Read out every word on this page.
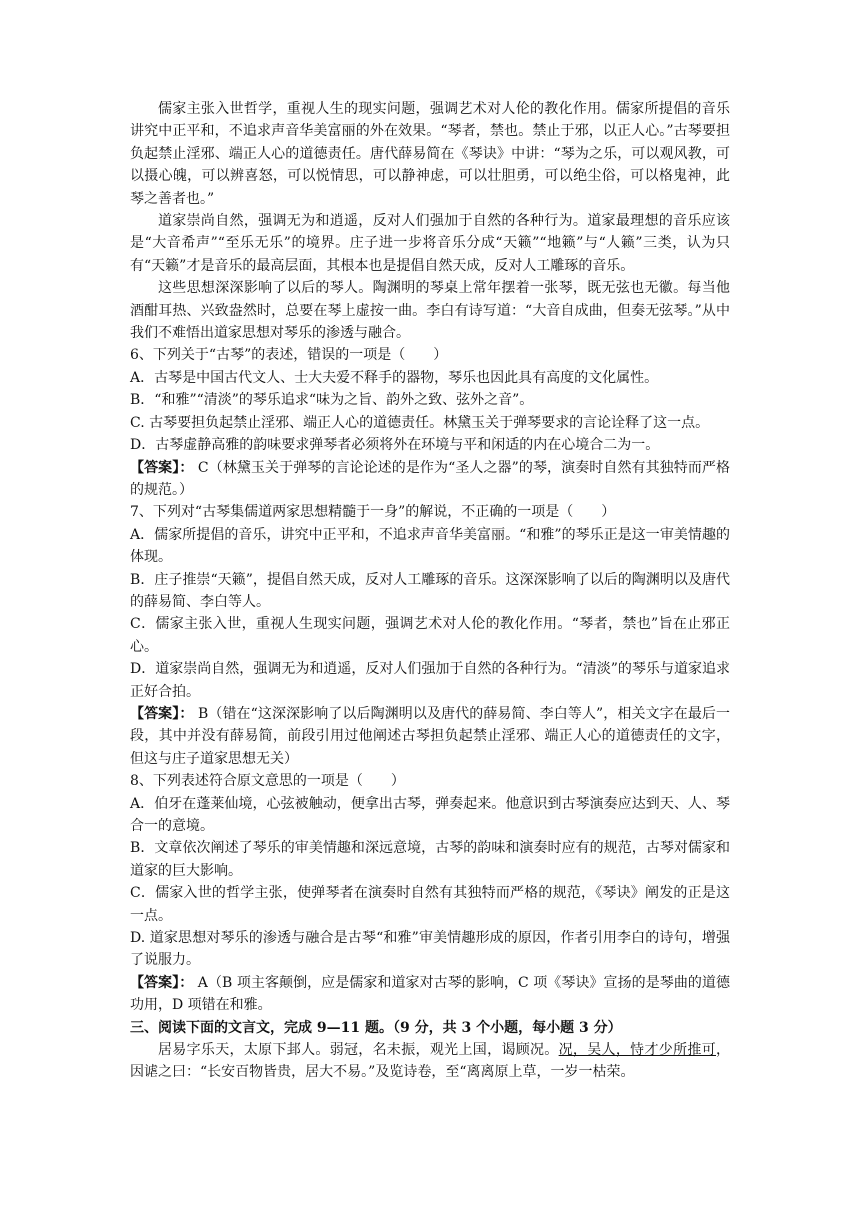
儒家主张入世哲学，重视人生的现实问题，强调艺术对人伦的教化作用。儒家所提倡的音乐讲究中正平和，不追求声音华美富丽的外在效果。“琴者，禁也。禁止于邪，以正人心。”古琴要担负起禁止淫邪、端正人心的道德责任。唐代薛易简在《琴诀》中讲：“琴为之乐，可以观风教，可以摄心魄，可以辨喜怒，可以悦情思，可以静神虑，可以壮胆勇，可以绝尘俗，可以格鬼神，此琴之善者也。”

道家崇尚自然，强调无为和逍遥，反对人们强加于自然的各种行为。道家最理想的音乐应该是“大音希声”“至乐无乐”的境界。庄子进一步将音乐分成“天籁”“地籁”与“人籁”三类，认为只有“天籁”才是音乐的最高层面，其根本也是提倡自然天成，反对人工雕琢的音乐。

这些思想深深影响了以后的琴人。陶渊明的琴桌上常年摆着一张琴，既无弦也无徽。每当他酒酣耳热、兴致盎然时，总要在琴上虚按一曲。李白有诗写道：“大音自成曲，但奏无弦琴。”从中我们不难悟出道家思想对琴乐的渗透与融合。

6、下列关于“古琴”的表述，错误的一项是（　　）

A．古琴是中国古代文人、士大夫爱不释手的器物，琴乐也因此具有高度的文化属性。

B．“和雅”“清淡”的琴乐追求“味为之旨、韵外之致、弦外之音”。

C. 古琴要担负起禁止淫邪、端正人心的道德责任。林黛玉关于弹琴要求的言论诠释了这一点。

D．古琴虚静高雅的韵味要求弹琴者必须将外在环境与平和闲适的内在心境合二为一。

【答案】： C（林黛玉关于弹琴的言论论述的是作为“圣人之器”的琴，演奏时自然有其独特而严格的规范。）

7、下列对“古琴集儒道两家思想精髓于一身”的解说，不正确的一项是（　　）

A．儒家所提倡的音乐，讲究中正平和，不追求声音华美富丽。“和雅”的琴乐正是这一审美情趣的体现。

B．庄子推崇“天籁”，提倡自然天成，反对人工雕琢的音乐。这深深影响了以后的陶渊明以及唐代的薛易简、李白等人。

C．儒家主张入世，重视人生现实问题，强调艺术对人伦的教化作用。“琴者，禁也”旨在止邪正心。

D．道家崇尚自然，强调无为和逍遥，反对人们强加于自然的各种行为。“清淡”的琴乐与道家追求正好合拍。

【答案】： B（错在“这深深影响了以后陶渊明以及唐代的薛易简、李白等人”，相关文字在最后一段，其中并没有薛易简，前段引用过他阐述古琴担负起禁止淫邪、端正人心的道德责任的文字，但这与庄子道家思想无关）

8、下列表述符合原文意思的一项是（　　）

A．伯牙在蓬莱仙境，心弦被触动，便拿出古琴，弹奏起来。他意识到古琴演奏应达到天、人、琴合一的意境。

B．文章依次阐述了琴乐的审美情趣和深远意境，古琴的韵味和演奏时应有的规范，古琴对儒家和道家的巨大影响。

C．儒家入世的哲学主张，使弹琴者在演奏时自然有其独特而严格的规范，《琴诀》阐发的正是这一点。

D. 道家思想对琴乐的渗透与融合是古琴“和雅”审美情趣形成的原因，作者引用李白的诗句，增强了说服力。

【答案】： A（B 项主客颠倒，应是儒家和道家对古琴的影响，C 项《琴诀》宣扬的是琴曲的道德功用，D 项错在和雅。

三、阅读下面的文言文，完成 9—11 题。（9 分，共 3 个小题，每小题 3 分）

居易字乐天，太原下邽人。弱冠，名未振，观光上国，谒顾况。况，吴人，恃才少所推可，因谑之曰：“长安百物皆贵，居大不易。”及览诗卷，至“离离原上草，一岁一枯荣。
